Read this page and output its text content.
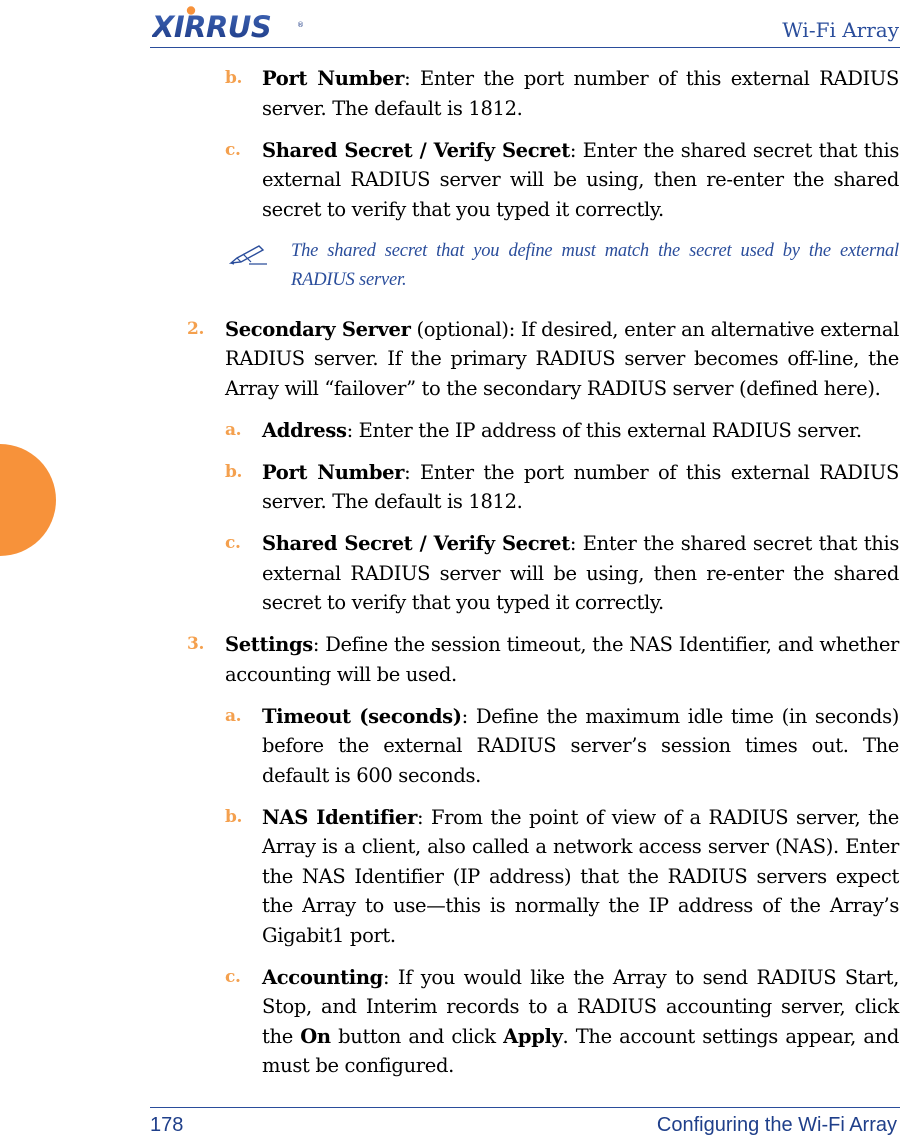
XIRRUS	®	Wi-Fi Array
b. Port Number: Enter the port number of this external RADIUS server. The default is 1812.
c. Shared Secret / Verify Secret: Enter the shared secret that this external RADIUS server will be using, then re-enter the shared secret to verify that you typed it correctly.
The shared secret that you define must match the secret used by the external RADIUS server.
2. Secondary Server (optional): If desired, enter an alternative external RADIUS server. If the primary RADIUS server becomes off-line, the Array will “failover” to the secondary RADIUS server (defined here).
a. Address: Enter the IP address of this external RADIUS server.
b. Port Number: Enter the port number of this external RADIUS server. The default is 1812.
c. Shared Secret / Verify Secret: Enter the shared secret that this external RADIUS server will be using, then re-enter the shared secret to verify that you typed it correctly.
3. Settings: Define the session timeout, the NAS Identifier, and whether accounting will be used.
a. Timeout (seconds): Define the maximum idle time (in seconds) before the external RADIUS server’s session times out. The default is 600 seconds.
b. NAS Identifier: From the point of view of a RADIUS server, the Array is a client, also called a network access server (NAS). Enter the NAS Identifier (IP address) that the RADIUS servers expect the Array to use—this is normally the IP address of the Array’s Gigabit1 port.
c. Accounting: If you would like the Array to send RADIUS Start, Stop, and Interim records to a RADIUS accounting server, click the On button and click Apply. The account settings appear, and must be configured.
178	Configuring the Wi-Fi Array
